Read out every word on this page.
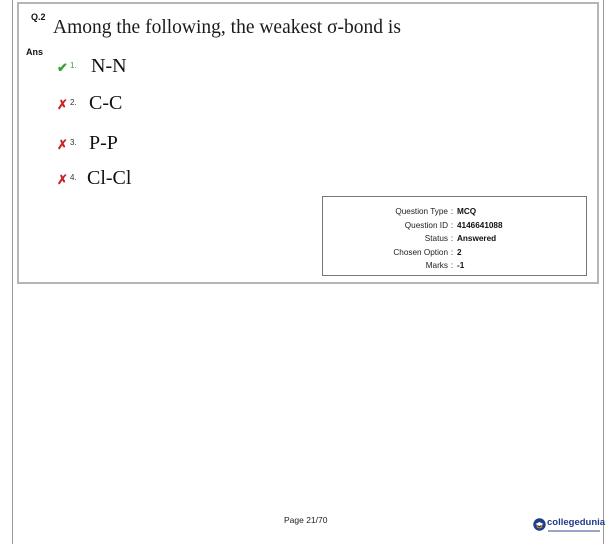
Q.2 Among the following, the weakest σ-bond is
Ans
✔ 1. N-N
✗ 2. C-C
✗ 3. P-P
✗ 4. Cl-Cl
Question Type : MCQ
Question ID : 4146641088
Status : Answered
Chosen Option : 2
Marks : -1
Page 21/70	collegedunia
